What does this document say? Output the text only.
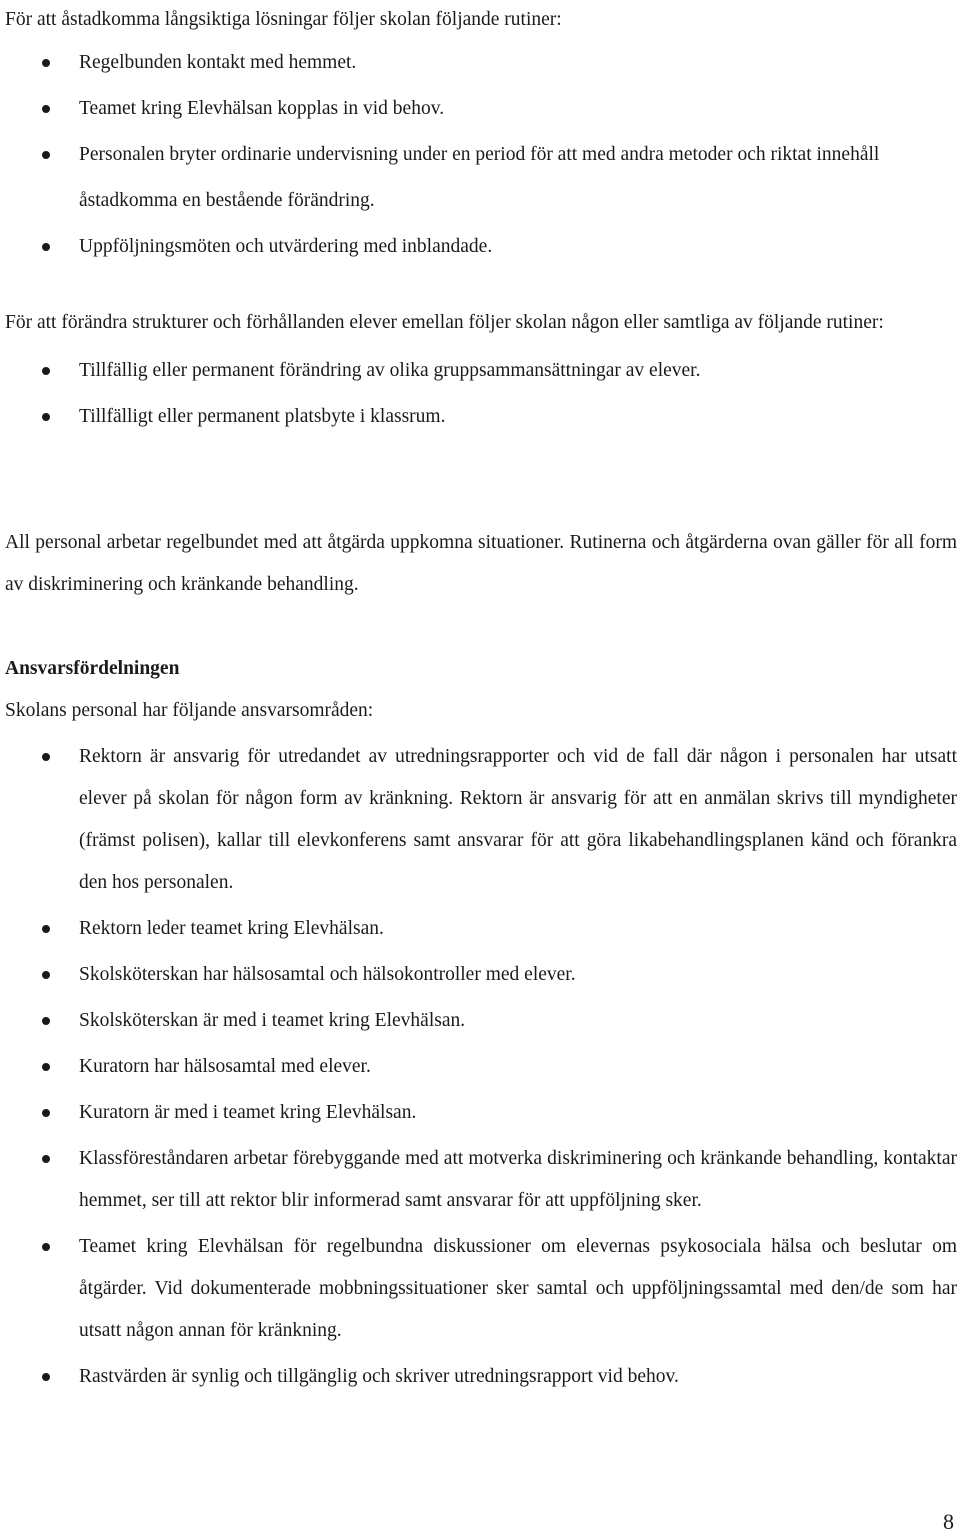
För att åstadkomma långsiktiga lösningar följer skolan följande rutiner:

Regelbunden kontakt med hemmet.
Teamet kring Elevhälsan kopplas in vid behov.
Personalen bryter ordinarie undervisning under en period för att med andra metoder och riktat innehåll åstadkomma en bestående förändring.
Uppföljningsmöten och utvärdering med inblandade.

För att förändra strukturer och förhållanden elever emellan följer skolan någon eller samtliga av följande rutiner:

Tillfällig eller permanent förändring av olika gruppsammansättningar av elever.
Tillfälligt eller permanent platsbyte i klassrum.

All personal arbetar regelbundet med att åtgärda uppkomna situationer. Rutinerna och åtgärderna ovan gäller för all form av diskriminering och kränkande behandling.

Ansvarsfördelningen

Skolans personal har följande ansvarsområden:

Rektorn är ansvarig för utredandet av utredningsrapporter och vid de fall där någon i personalen har utsatt elever på skolan för någon form av kränkning. Rektorn är ansvarig för att en anmälan skrivs till myndigheter (främst polisen), kallar till elevkonferens samt ansvarar för att göra likabehandlingsplanen känd och förankra den hos personalen.
Rektorn leder teamet kring Elevhälsan.
Skolsköterskan har hälsosamtal och hälsokontroller med elever.
Skolsköterskan är med i teamet kring Elevhälsan.
Kuratorn har hälsosamtal med elever.
Kuratorn är med i teamet kring Elevhälsan.
Klassföreståndaren arbetar förebyggande med att motverka diskriminering och kränkande behandling, kontaktar hemmet, ser till att rektor blir informerad samt ansvarar för att uppföljning sker.
Teamet kring Elevhälsan för regelbundna diskussioner om elevernas psykosociala hälsa och beslutar om åtgärder. Vid dokumenterade mobbningssituationer sker samtal och uppföljningssamtal med den/de som har utsatt någon annan för kränkning.
Rastvärden är synlig och tillgänglig och skriver utredningsrapport vid behov.
8
